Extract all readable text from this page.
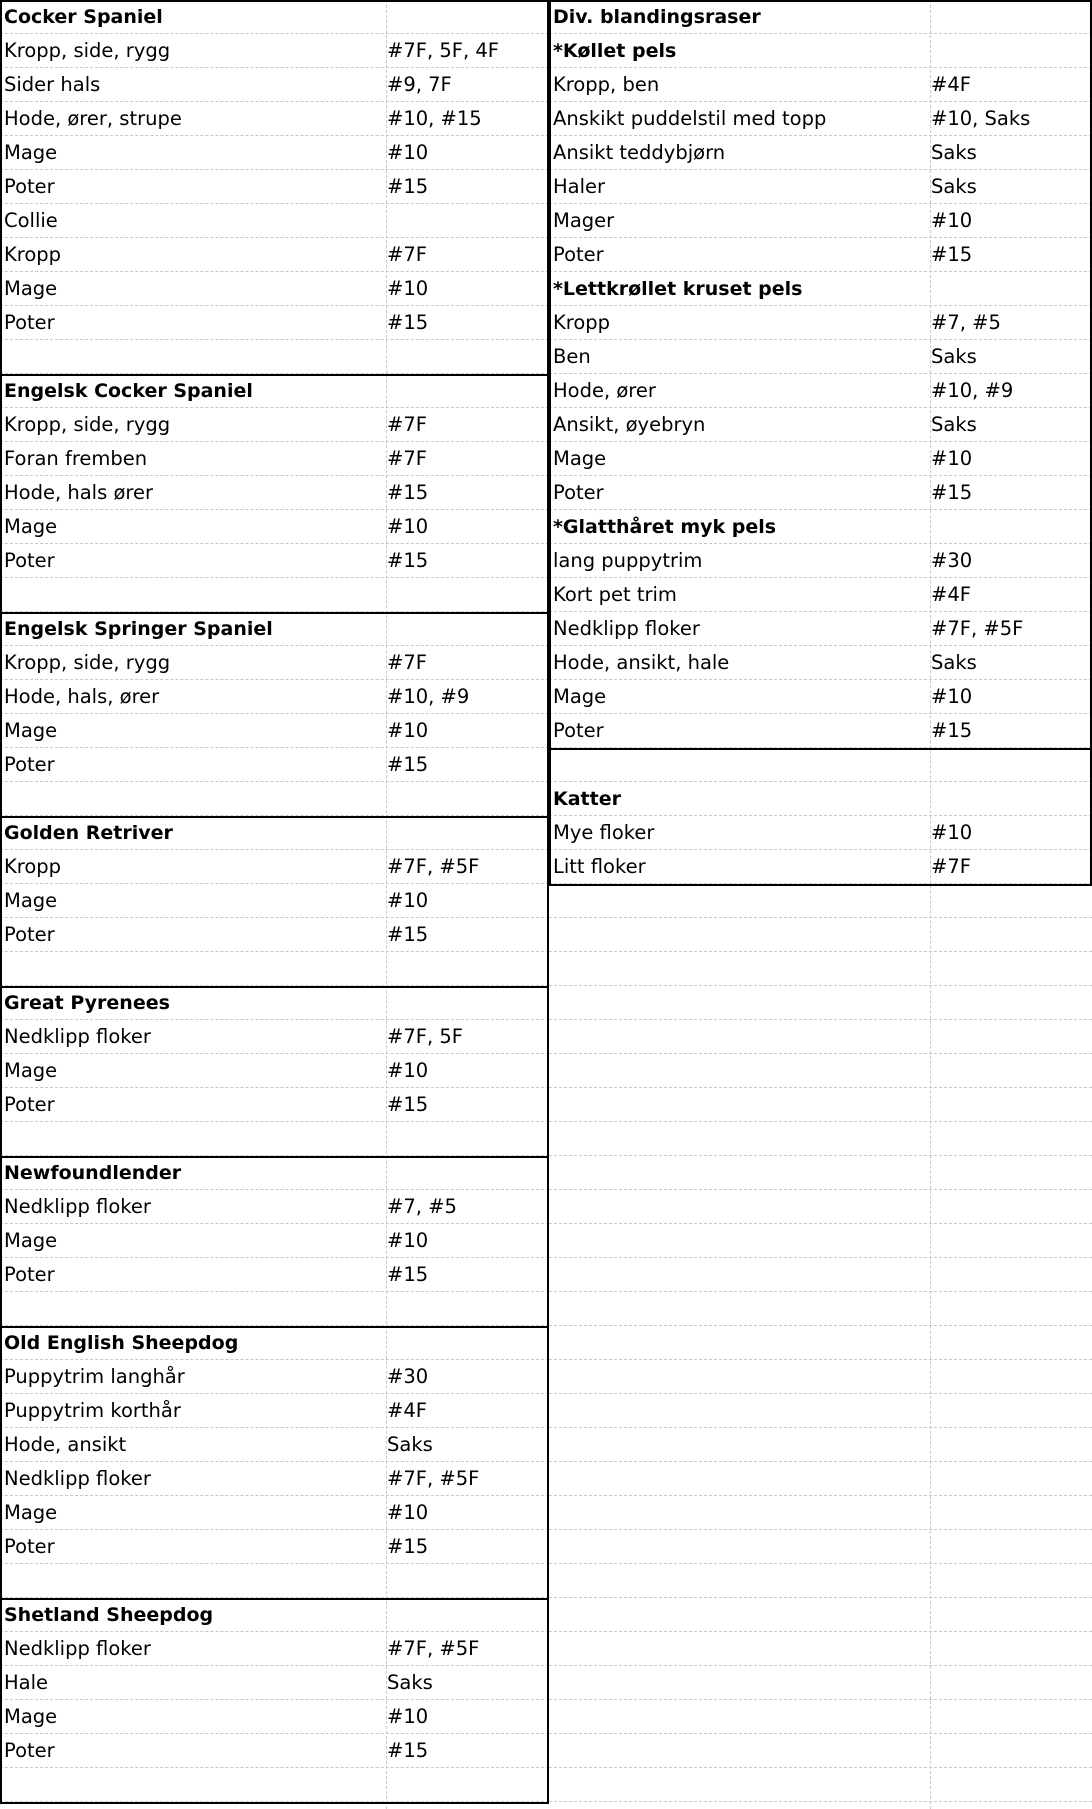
Cocker Spaniel
Kropp, side, rygg	#7F, 5F, 4F
Sider hals	#9, 7F
Hode, ører, strupe	#10, #15
Mage	#10
Poter	#15
Collie
Kropp	#7F
Mage	#10
Poter	#15
Engelsk Cocker Spaniel
Kropp, side, rygg	#7F
Foran fremben	#7F
Hode, hals ører	#15
Mage	#10
Poter	#15
Engelsk Springer Spaniel
Kropp, side, rygg	#7F
Hode, hals, ører	#10, #9
Mage	#10
Poter	#15
Golden Retriver
Kropp	#7F, #5F
Mage	#10
Poter	#15
Great Pyrenees
Nedklipp floker	#7F, 5F
Mage	#10
Poter	#15
Newfoundlender
Nedklipp floker	#7, #5
Mage	#10
Poter	#15
Old English Sheepdog
Puppytrim langhår	#30
Puppytrim korthår	#4F
Hode, ansikt	Saks
Nedklipp floker	#7F, #5F
Mage	#10
Poter	#15
Shetland Sheepdog
Nedklipp floker	#7F, #5F
Hale	Saks
Mage	#10
Poter	#15
Div. blandingsraser
*Køllet pels
Kropp, ben	#4F
Anskikt puddelstil med topp	#10, Saks
Ansikt teddybjørn	Saks
Haler	Saks
Mager	#10
Poter	#15
*Lettkrøllet kruset pels
Kropp	#7, #5
Ben	Saks
Hode, ører	#10, #9
Ansikt, øyebryn	Saks
Mage	#10
Poter	#15
*Glatthåret myk pels
lang puppytrim	#30
Kort pet trim	#4F
Nedklipp floker	#7F, #5F
Hode, ansikt, hale	Saks
Mage	#10
Poter	#15
Katter
Mye floker	#10
Litt floker	#7F
